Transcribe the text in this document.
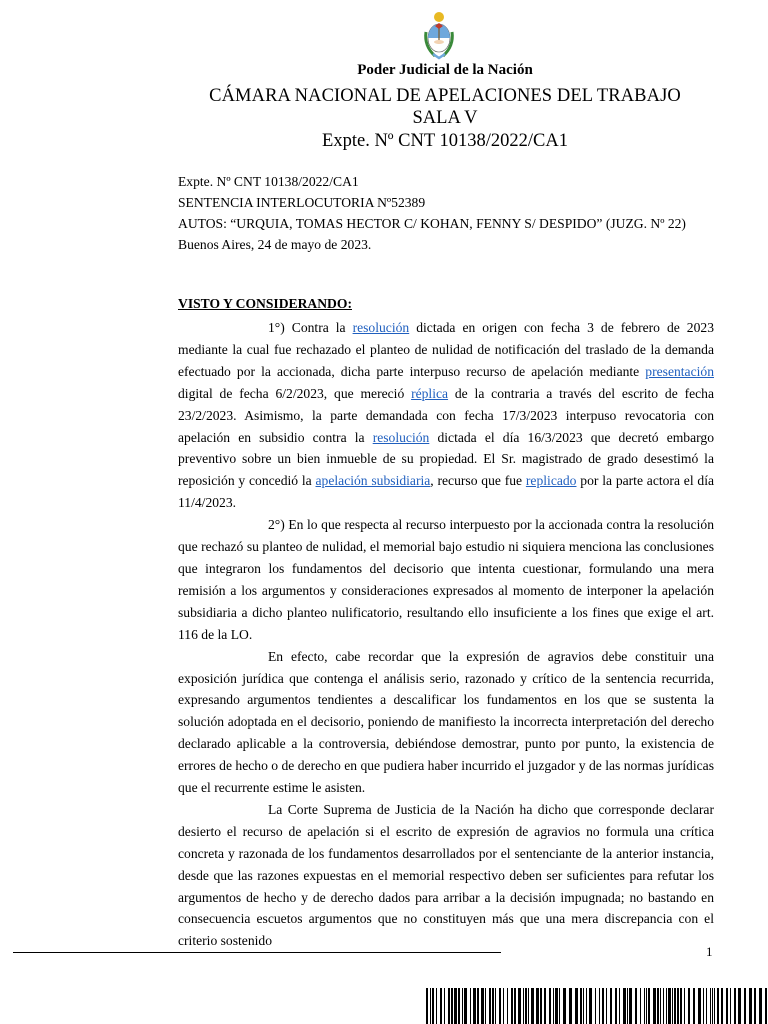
Poder Judicial de la Nación
CÁMARA NACIONAL DE APELACIONES DEL TRABAJO
SALA V
Expte. Nº CNT 10138/2022/CA1

Expte. Nº CNT 10138/2022/CA1

SENTENCIA INTERLOCUTORIA Nº52389

AUTOS: “URQUIA, TOMAS HECTOR C/ KOHAN, FENNY S/ DESPIDO” (JUZG. Nº 22)

Buenos Aires, 24 de mayo de 2023.

VISTO Y CONSIDERANDO:

1°) Contra la resolución dictada en origen con fecha 3 de febrero de 2023 mediante la cual fue rechazado el planteo de nulidad de notificación del traslado de la demanda efectuado por la accionada, dicha parte interpuso recurso de apelación mediante presentación digital de fecha 6/2/2023, que mereció réplica de la contraria a través del escrito de fecha 23/2/2023. Asimismo, la parte demandada con fecha 17/3/2023 interpuso revocatoria con apelación en subsidio contra la resolución dictada el día 16/3/2023 que decretó embargo preventivo sobre un bien inmueble de su propiedad. El Sr. magistrado de grado desestimó la reposición y concedió la apelación subsidiaria, recurso que fue replicado por la parte actora el día 11/4/2023.

2°) En lo que respecta al recurso interpuesto por la accionada contra la resolución que rechazó su planteo de nulidad, el memorial bajo estudio ni siquiera menciona las conclusiones que integraron los fundamentos del decisorio que intenta cuestionar, formulando una mera remisión a los argumentos y consideraciones expresados al momento de interponer la apelación subsidiaria a dicho planteo nulificatorio, resultando ello insuficiente a los fines que exige el art. 116 de la LO.

En efecto, cabe recordar que la expresión de agravios debe constituir una exposición jurídica que contenga el análisis serio, razonado y crítico de la sentencia recurrida, expresando argumentos tendientes a descalificar los fundamentos en los que se sustenta la solución adoptada en el decisorio, poniendo de manifiesto la incorrecta interpretación del derecho declarado aplicable a la controversia, debiéndose demostrar, punto por punto, la existencia de errores de hecho o de derecho en que pudiera haber incurrido el juzgador y de las normas jurídicas que el recurrente estime le asisten.

La Corte Suprema de Justicia de la Nación ha dicho que corresponde declarar desierto el recurso de apelación si el escrito de expresión de agravios no formula una crítica concreta y razonada de los fundamentos desarrollados por el sentenciante de la anterior instancia, desde que las razones expuestas en el memorial respectivo deben ser suficientes para refutar los argumentos de hecho y de derecho dados para arribar a la decisión impugnada; no bastando en consecuencia escuetos argumentos que no constituyen más que una mera discrepancia con el criterio sostenido

1
